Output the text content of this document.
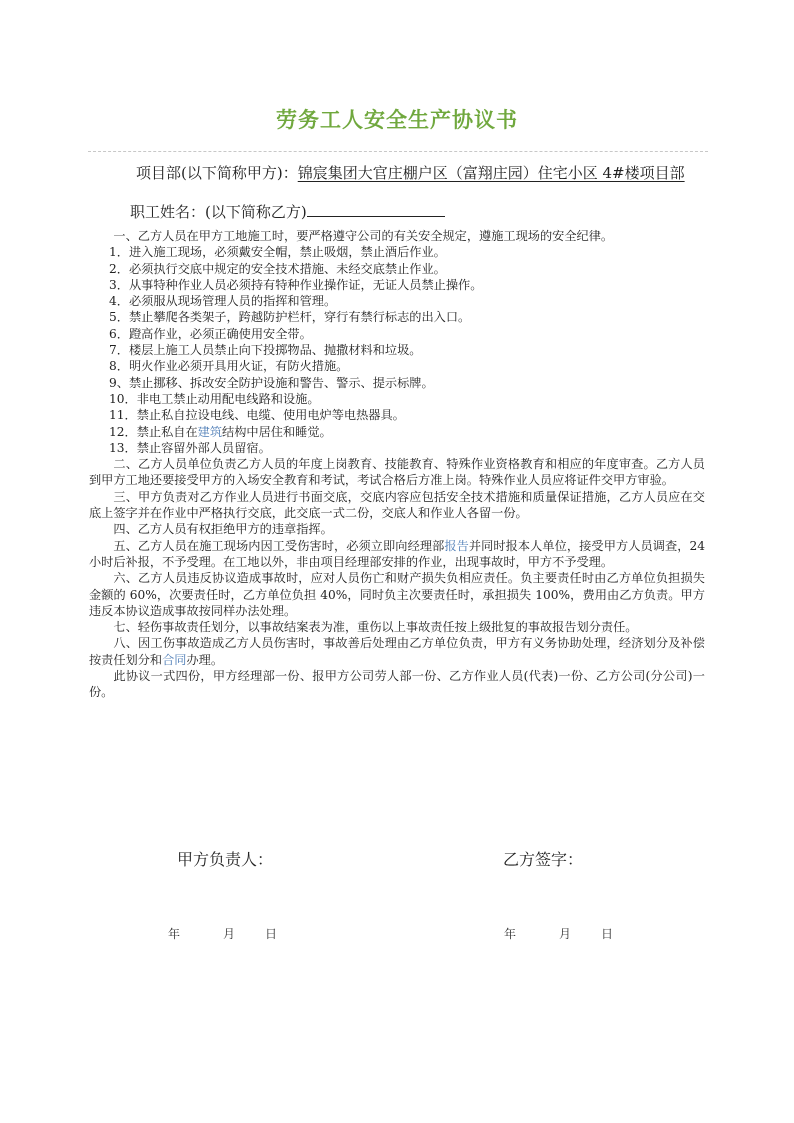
劳务工人安全生产协议书
项目部(以下简称甲方)：锦宸集团大官庄棚户区（富翔庄园）住宅小区 4#楼项目部
职工姓名：(以下简称乙方)

一、乙方人员在甲方工地施工时，要严格遵守公司的有关安全规定，遵施工现场的安全纪律。

1．进入施工现场，必须戴安全帽，禁止吸烟，禁止酒后作业。

2．必须执行交底中规定的安全技术措施、未经交底禁止作业。

3．从事特种作业人员必须持有特种作业操作证，无证人员禁止操作。

4．必须服从现场管理人员的指挥和管理。

5．禁止攀爬各类架子，跨越防护栏杆，穿行有禁行标志的出入口。

6．蹬高作业，必须正确使用安全带。

7．楼层上施工人员禁止向下投掷物品、抛撒材料和垃圾。

8．明火作业必须开具用火证，有防火措施。

9、禁止挪移、拆改安全防护设施和警告、警示、提示标牌。

10．非电工禁止动用配电线路和设施。

11．禁止私自拉设电线、电缆、使用电炉等电热器具。

12．禁止私自在建筑结构中居住和睡觉。

13．禁止容留外部人员留宿。

二、乙方人员单位负责乙方人员的年度上岗教育、技能教育、特殊作业资格教育和相应的年度审查。乙方人员到甲方工地还要接受甲方的入场安全教育和考试，考试合格后方准上岗。特殊作业人员应将证件交甲方审验。

三、甲方负责对乙方作业人员进行书面交底，交底内容应包括安全技术措施和质量保证措施，乙方人员应在交底上签字并在作业中严格执行交底，此交底一式二份，交底人和作业人各留一份。

四、乙方人员有权拒绝甲方的违章指挥。

五、乙方人员在施工现场内因工受伤害时，必须立即向经理部报告并同时报本人单位，接受甲方人员调查，24 小时后补报，不予受理。在工地以外，非由项目经理部安排的作业，出现事故时，甲方不予受理。

六、乙方人员违反协议造成事故时，应对人员伤亡和财产损失负相应责任。负主要责任时由乙方单位负担损失金额的 60%，次要责任时，乙方单位负担 40%，同时负主次要责任时，承担损失 100%，费用由乙方负责。甲方违反本协议造成事故按同样办法处理。

七、轻伤事故责任划分，以事故结案表为准，重伤以上事故责任按上级批复的事故报告划分责任。

八、因工伤事故造成乙方人员伤害时，事故善后处理由乙方单位负责，甲方有义务协助处理，经济划分及补偿按责任划分和合同办理。

此协议一式四份，甲方经理部一份、报甲方公司劳人部一份、乙方作业人员(代表)一份、乙方公司(分公司)一份。

甲方负责人：	乙方签字：
年	月 日	年	月 日
